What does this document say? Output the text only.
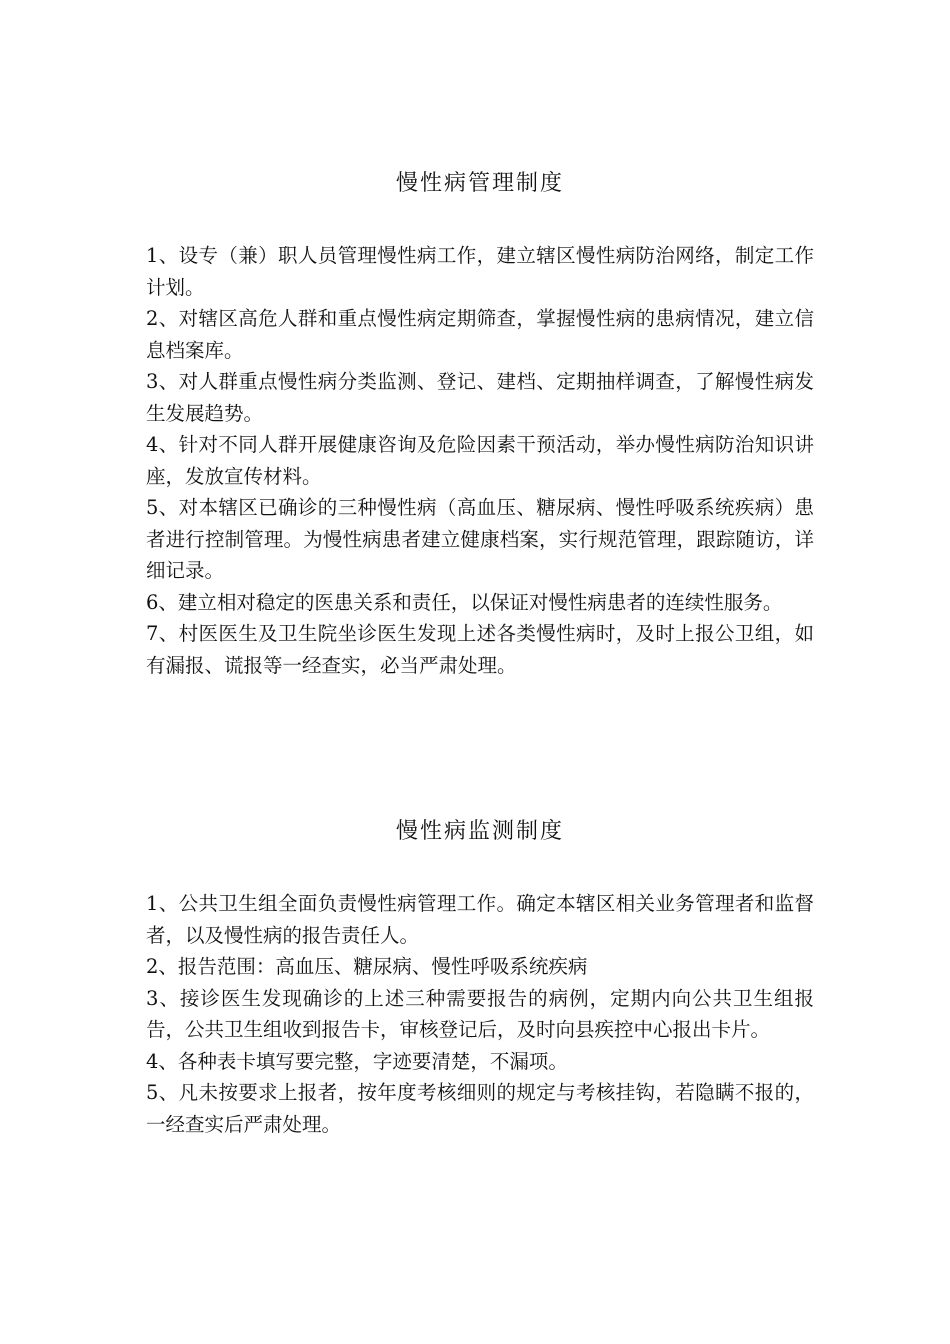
慢性病管理制度

1、设专（兼）职人员管理慢性病工作，建立辖区慢性病防治网络，制定工作计划。

2、对辖区高危人群和重点慢性病定期筛查，掌握慢性病的患病情况，建立信息档案库。

3、对人群重点慢性病分类监测、登记、建档、定期抽样调查，了解慢性病发生发展趋势。

4、针对不同人群开展健康咨询及危险因素干预活动，举办慢性病防治知识讲座，发放宣传材料。

5、对本辖区已确诊的三种慢性病（高血压、糖尿病、慢性呼吸系统疾病）患者进行控制管理。为慢性病患者建立健康档案，实行规范管理，跟踪随访，详细记录。

6、建立相对稳定的医患关系和责任，以保证对慢性病患者的连续性服务。

7、村医医生及卫生院坐诊医生发现上述各类慢性病时，及时上报公卫组，如有漏报、谎报等一经查实，必当严肃处理。

慢性病监测制度

1、公共卫生组全面负责慢性病管理工作。确定本辖区相关业务管理者和监督者，以及慢性病的报告责任人。

2、报告范围：高血压、糖尿病、慢性呼吸系统疾病

3、接诊医生发现确诊的上述三种需要报告的病例，定期内向公共卫生组报告，公共卫生组收到报告卡，审核登记后，及时向县疾控中心报出卡片。

4、各种表卡填写要完整，字迹要清楚，不漏项。

5、凡未按要求上报者，按年度考核细则的规定与考核挂钩，若隐瞒不报的，一经查实后严肃处理。
